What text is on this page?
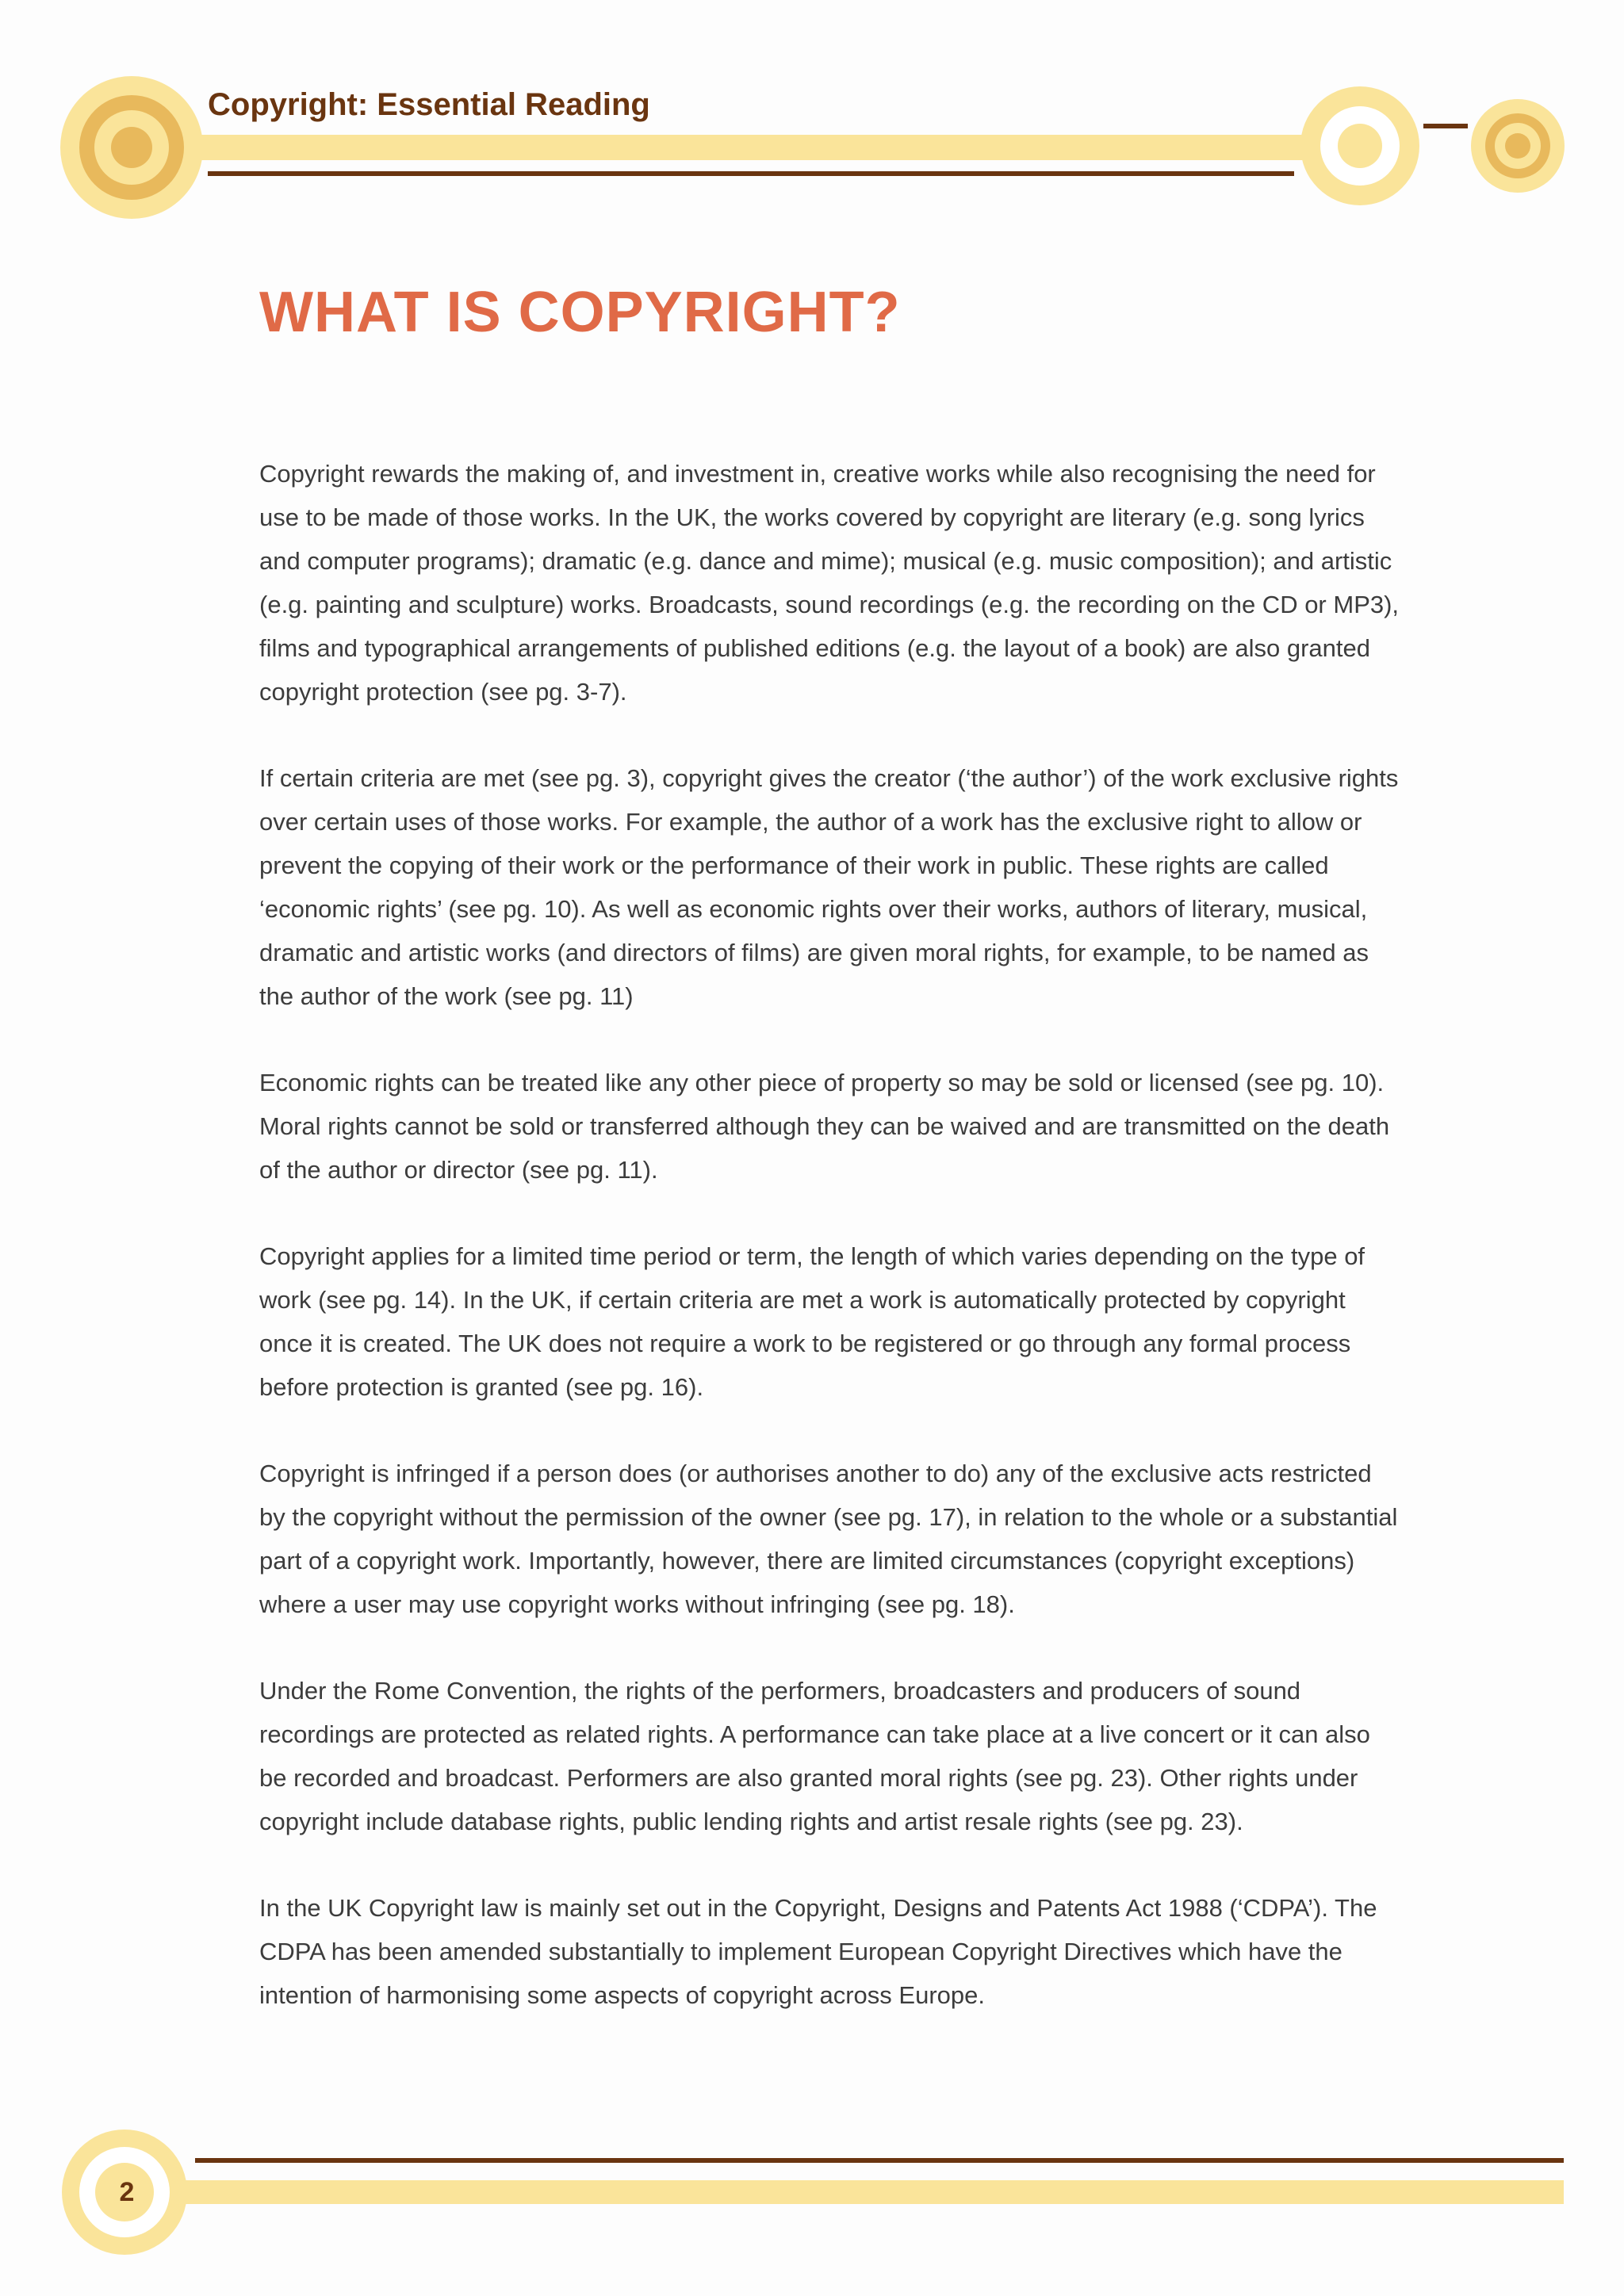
Copyright: Essential Reading
WHAT IS COPYRIGHT?

Copyright rewards the making of, and investment in, creative works while also recognising the need for use to be made of those works. In the UK, the works covered by copyright are literary (e.g. song lyrics and computer programs); dramatic (e.g. dance and mime); musical (e.g. music composition); and artistic (e.g. painting and sculpture) works. Broadcasts, sound recordings (e.g. the recording on the CD or MP3), films and typographical arrangements of published editions (e.g. the layout of a book) are also granted copyright protection (see pg. 3-7).

If certain criteria are met (see pg. 3), copyright gives the creator (‘the author’) of the work exclusive rights over certain uses of those works. For example, the author of a work has the exclusive right to allow or prevent the copying of their work or the performance of their work in public. These rights are called ‘economic rights’ (see pg. 10). As well as economic rights over their works, authors of literary, musical, dramatic and artistic works (and directors of films) are given moral rights, for example, to be named as the author of the work (see pg. 11)

Economic rights can be treated like any other piece of property so may be sold or licensed (see pg. 10). Moral rights cannot be sold or transferred although they can be waived and are transmitted on the death of the author or director (see pg. 11).

Copyright applies for a limited time period or term, the length of which varies depending on the type of work (see pg. 14). In the UK, if certain criteria are met a work is automatically protected by copyright once it is created. The UK does not require a work to be registered or go through any formal process before protection is granted (see pg. 16).

Copyright is infringed if a person does (or authorises another to do) any of the exclusive acts restricted by the copyright without the permission of the owner (see pg. 17), in relation to the whole or a substantial part of a copyright work. Importantly, however, there are limited circumstances (copyright exceptions) where a user may use copyright works without infringing (see pg. 18).

Under the Rome Convention, the rights of the performers, broadcasters and producers of sound recordings are protected as related rights. A performance can take place at a live concert or it can also be recorded and broadcast. Performers are also granted moral rights (see pg. 23). Other rights under copyright include database rights, public lending rights and artist resale rights (see pg. 23).

In the UK Copyright law is mainly set out in the Copyright, Designs and Patents Act 1988 (‘CDPA’). The CDPA has been amended substantially to implement European Copyright Directives which have the intention of harmonising some aspects of copyright across Europe.

2
